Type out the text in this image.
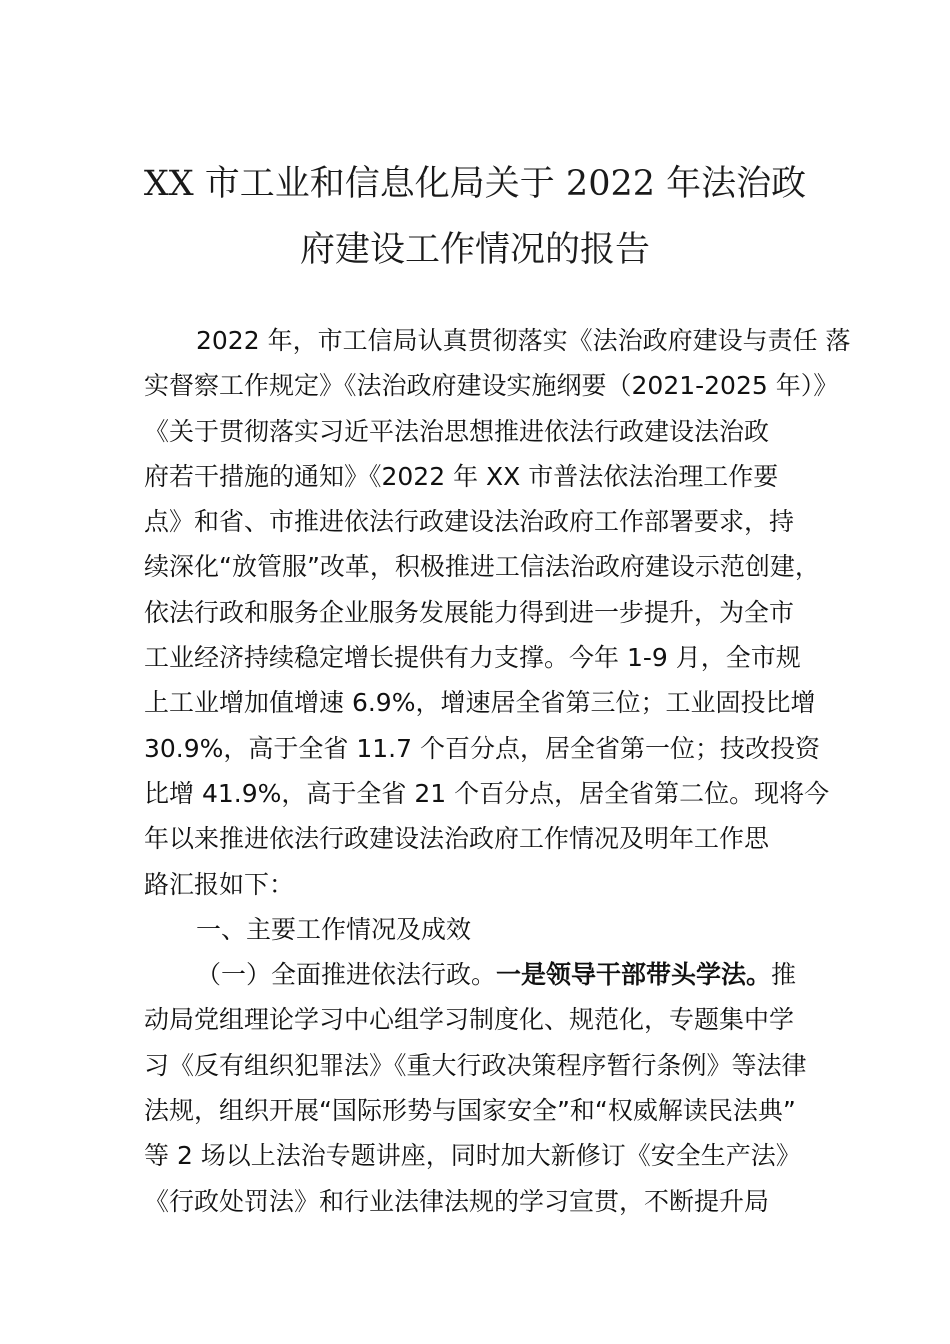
XX 市工业和信息化局关于 2022 年法治政
府建设工作情况的报告
2022 年，市工信局认真贯彻落实《法治政府建设与责任 落
实督察工作规定》《法治政府建设实施纲要（2021-2025 年）》
《关于贯彻落实习近平法治思想推进依法行政建设法治政
府若干措施的通知》《2022 年 XX 市普法依法治理工作要
点》和省、市推进依法行政建设法治政府工作部署要求，持
续深化“放管服”改革，积极推进工信法治政府建设示范创建，
依法行政和服务企业服务发展能力得到进一步提升，为全市
工业经济持续稳定增长提供有力支撑。今年 1-9 月，全市规
上工业增加值增速 6.9%，增速居全省第三位；工业固投比增
30.9%，高于全省 11.7 个百分点，居全省第一位；技改投资
比增 41.9%，高于全省 21 个百分点，居全省第二位。现将今
年以来推进依法行政建设法治政府工作情况及明年工作思
路汇报如下：
一、主要工作情况及成效
（一）全面推进依法行政。一是领导干部带头学法。推
动局党组理论学习中心组学习制度化、规范化，专题集中学
习《反有组织犯罪法》《重大行政决策程序暂行条例》等法律
法规，组织开展“国际形势与国家安全”和“权威解读民法典”
等 2 场以上法治专题讲座，同时加大新修订《安全生产法》
《行政处罚法》和行业法律法规的学习宣贯，不断提升局
